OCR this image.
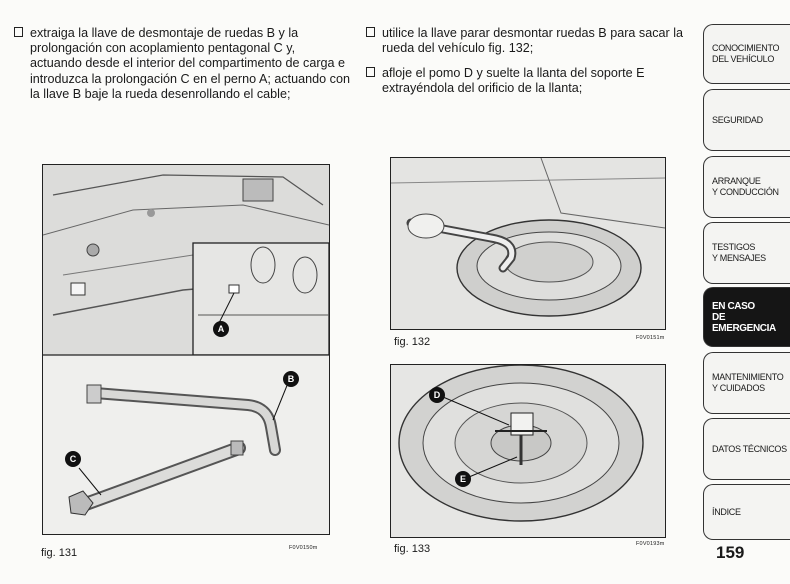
extraiga la llave de desmontaje de ruedas B y la prolongación con acoplamiento pentagonal C y, actuando desde el interior del compartimento de carga e introduzca la prolongación C en el perno A; actuando con la llave B baje la rueda desenrollando el cable;
utilice la llave parar desmontar ruedas B para sacar la rueda del vehículo fig. 132;
afloje el pomo D y suelte la llanta del soporte E extrayéndola del orificio de la llanta;
A
B
C
fig. 131	F0V0150m
fig. 132	F0V0151m
D
E
fig. 133	F0V0193m
CONOCIMIENTO
DEL VEHÍCULO
SEGURIDAD
ARRANQUE
Y CONDUCCIÓN
TESTIGOS
Y MENSAJES
EN CASO
DE EMERGENCIA
MANTENIMIENTO
Y CUIDADOS
DATOS TÉCNICOS
ÍNDICE
159
